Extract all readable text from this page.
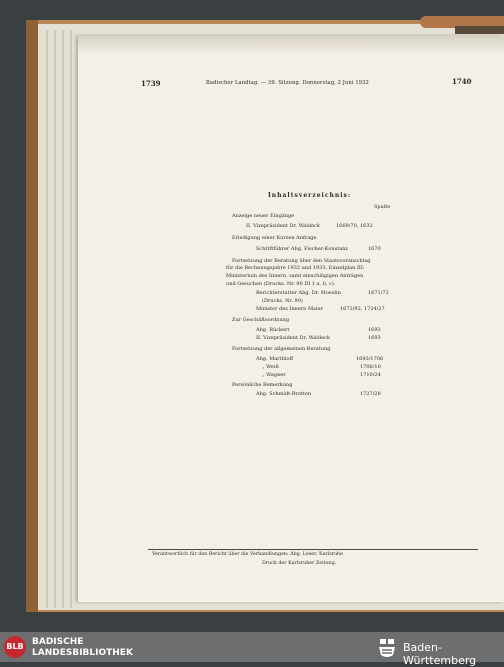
1739	Badischer Landtag. — 39. Sitzung. Donnerstag, 2 Juni 1932	1740
Inhaltsverzeichnis:
Spalte
Anzeige neuer Eingänge
II. Vizepräsident Dr. Waldeck	1669/70, 1632
Erledigung einer Kurzen Anfrage
Schriftführer Abg. Fischer-Konstanz	1670
Fortsetzung der Beratung über den Staatsvoranschlag
für die Rechnungsjahre 1932 und 1933, Einzelplan III:
Ministerium des Innern, samt einschlägigen Anträgen
und Gesuchen (Drucks. Nr. 90 III 1 a, b, c).
Berichterstatter Abg. Dr. Moeslin	1671/72
(Drucks. Nr. 90)
Minister des Innern Maier	1672/92, 1724/27
Zur Geschäftsordnung
Abg. Rückert	1693
II. Vizepräsident Dr. Waldeck	1693
Fortsetzung der allgemeinen Beratung
Abg. Marthloff	1693/1706
„ Weiß	1706/10
„ Wagner	1710/24
Persönliche Bemerkung
Abg. Schmidt-Bretten	1727/28
Verantwortlich für den Bericht über die Verhandlungen: Abg. Leser, Karlsruhe
Druck der Karlsruher Zeitung.
BLB BADISCHE
LANDESBIBLIOTHEK	Baden-Württemberg
